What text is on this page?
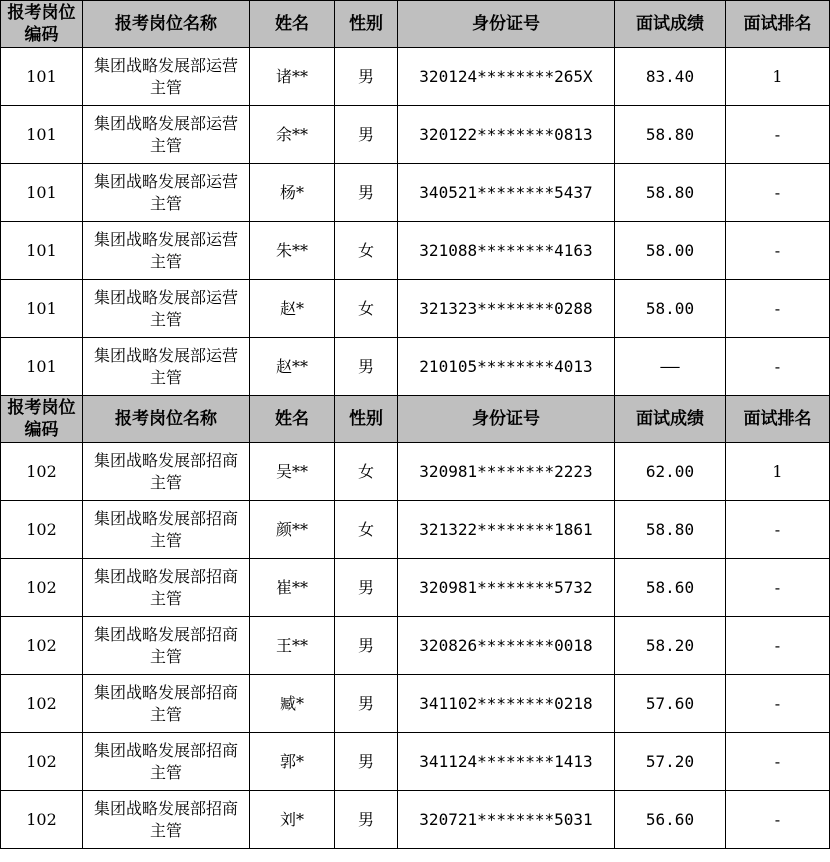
报考岗位编码	报考岗位名称	姓名	性别	身份证号	面试成绩	面试排名
101	集团战略发展部运营主管	诸**	男	320124********265X	83.40	1
101	集团战略发展部运营主管	余**	男	320122********0813	58.80	-
101	集团战略发展部运营主管	杨*	男	340521********5437	58.80	-
101	集团战略发展部运营主管	朱**	女	321088********4163	58.00	-
101	集团战略发展部运营主管	赵*	女	321323********0288	58.00	-
101	集团战略发展部运营主管	赵**	男	210105********4013	——	-
报考岗位编码	报考岗位名称	姓名	性别	身份证号	面试成绩	面试排名
102	集团战略发展部招商主管	吴**	女	320981********2223	62.00	1
102	集团战略发展部招商主管	颜**	女	321322********1861	58.80	-
102	集团战略发展部招商主管	崔**	男	320981********5732	58.60	-
102	集团战略发展部招商主管	王**	男	320826********0018	58.20	-
102	集团战略发展部招商主管	臧*	男	341102********0218	57.60	-
102	集团战略发展部招商主管	郭*	男	341124********1413	57.20	-
102	集团战略发展部招商主管	刘*	男	320721********5031	56.60	-
